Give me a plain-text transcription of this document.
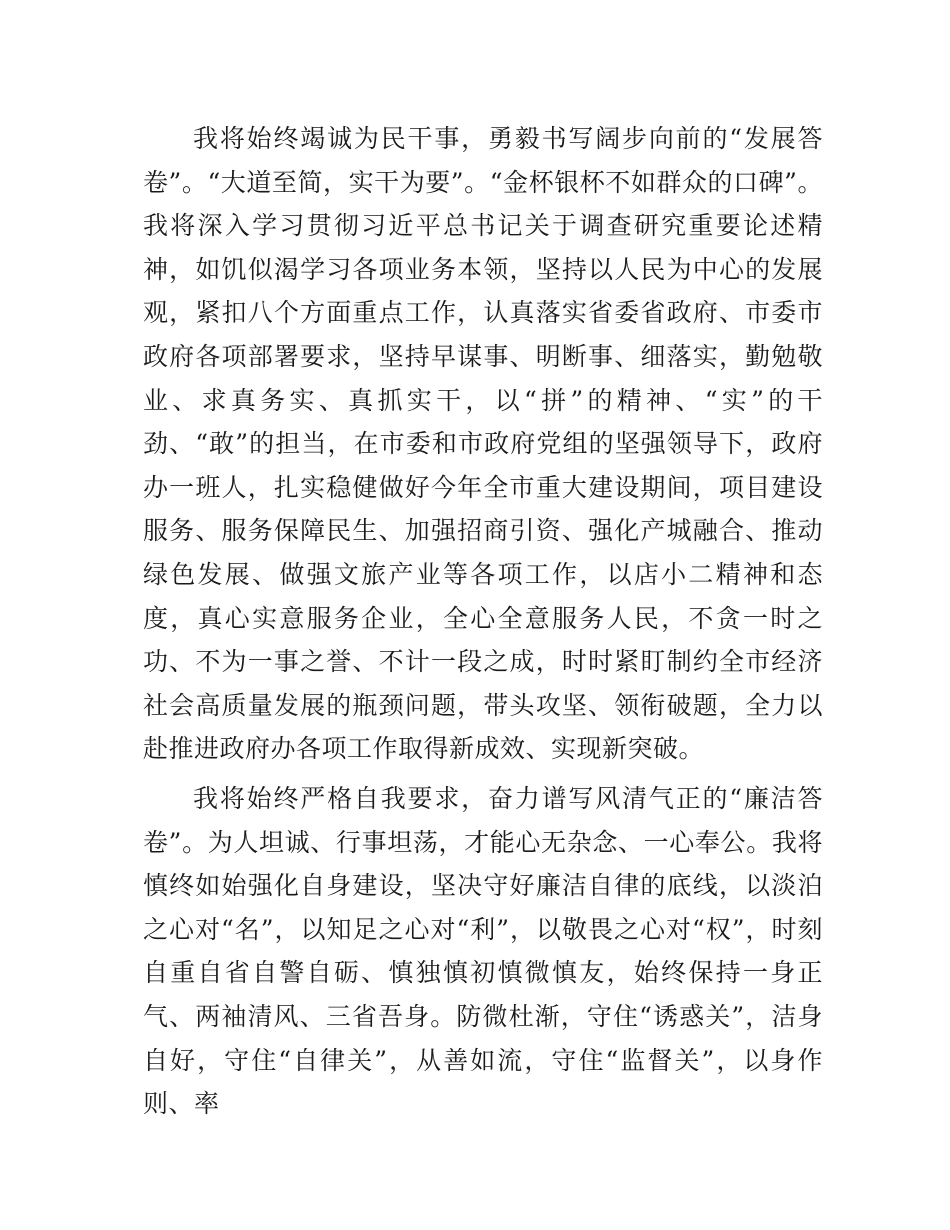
我将始终竭诚为民干事，勇毅书写阔步向前的“发展答卷”。“大道至简，实干为要”。“金杯银杯不如群众的口碑”。我将深入学习贯彻习近平总书记关于调查研究重要论述精神，如饥似渴学习各项业务本领，坚持以人民为中心的发展观，紧扣八个方面重点工作，认真落实省委省政府、市委市政府各项部署要求，坚持早谋事、明断事、细落实，勤勉敬业、求真务实、真抓实干，以“拼”的精神、“实”的干劲、“敢”的担当，在市委和市政府党组的坚强领导下，政府办一班人，扎实稳健做好今年全市重大建设期间，项目建设服务、服务保障民生、加强招商引资、强化产城融合、推动绿色发展、做强文旅产业等各项工作，以店小二精神和态度，真心实意服务企业，全心全意服务人民，不贪一时之功、不为一事之誉、不计一段之成，时时紧盯制约全市经济社会高质量发展的瓶颈问题，带头攻坚、领衔破题，全力以赴推进政府办各项工作取得新成效、实现新突破。

我将始终严格自我要求，奋力谱写风清气正的“廉洁答卷”。为人坦诚、行事坦荡，才能心无杂念、一心奉公。我将慎终如始强化自身建设，坚决守好廉洁自律的底线，以淡泊之心对“名”，以知足之心对“利”，以敬畏之心对“权”，时刻自重自省自警自砺、慎独慎初慎微慎友，始终保持一身正气、两袖清风、三省吾身。防微杜渐，守住“诱惑关”，洁身自好，守住“自律关”，从善如流，守住“监督关”，以身作则、率
